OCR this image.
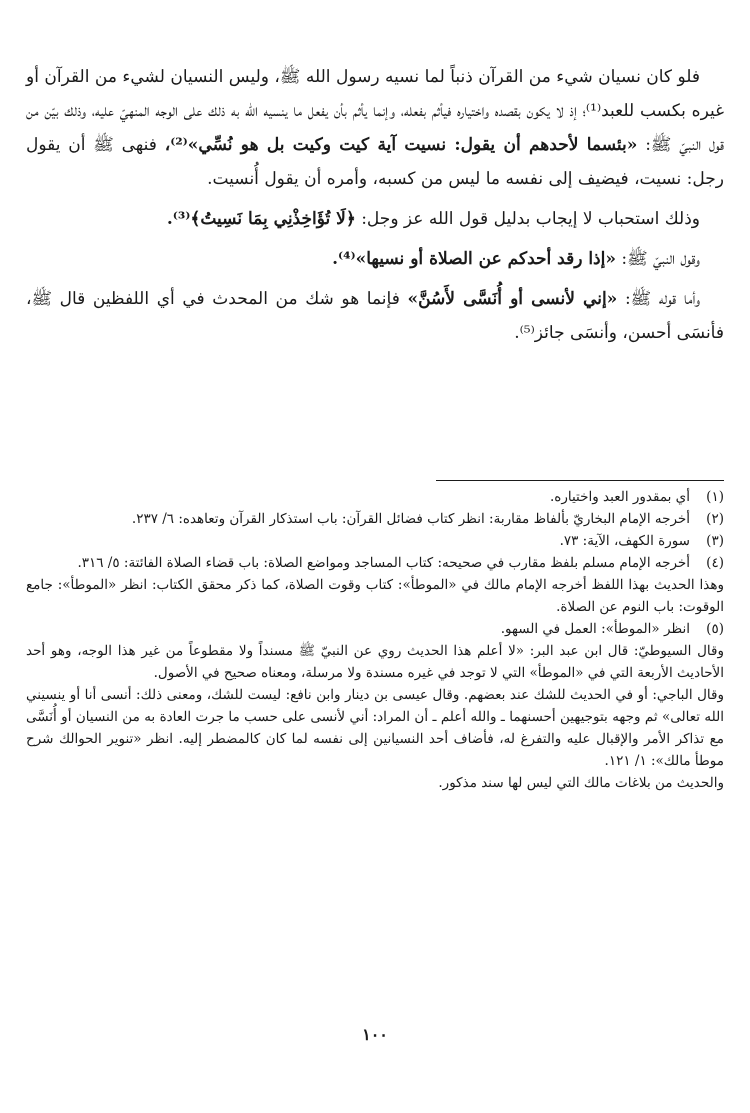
فلو كان نسيان شيء من القرآن ذنباً لما نسيه رسول الله ﷺ، وليس النسيان لشيء من القرآن أو غيره بكسب للعبد⁽¹⁾؛ إذ لا يكون بقصده واختياره فيأثم بفعله، وإنما يأثم بأن يفعل ما ينسيه الله به ذلك على الوجه المنهيّ عليه، وذلك بيّن من قول النبيّ ﷺ: «بئسما لأحدهم أن يقول: نسيت آية كيت وكيت بل هو نُسِّي»⁽²⁾، فنهى ﷺ أن يقول رجل: نسيت، فيضيف إلى نفسه ما ليس من كسبه، وأمره أن يقول أُنسيت.

وذلك استحباب لا إيجاب بدليل قول الله عز وجل: ﴿لَا تُؤَاخِذْنِي بِمَا نَسِيتُ﴾⁽³⁾.

وقول النبيّ ﷺ: «إذا رقد أحدكم عن الصلاة أو نسيها»⁽⁴⁾.

وأما قوله ﷺ: «إني لأنسى أو أُنَسَّى لأَسُنَّ» فإنما هو شك من المحدث في أي اللفظين قال ﷺ، فأنسَى أحسن، وأنسَى جائز⁽⁵⁾.

(١)

أي بمقدور العبد واختياره.

(٢)

أخرجه الإمام البخاريّ بألفاظ مقاربة: انظر كتاب فضائل القرآن: باب استذكار القرآن وتعاهده: ٦/ ٢٣٧.

(٣)

سورة الكهف، الآية: ٧٣.

(٤)

أخرجه الإمام مسلم بلفظ مقارب في صحيحه: كتاب المساجد ومواضع الصلاة: باب قضاء الصلاة الفائتة: ٥/ ٣١٦.

وهذا الحديث بهذا اللفظ أخرجه الإمام مالك في «الموطأ»: كتاب وقوت الصلاة، كما ذكر محقق الكتاب: انظر «الموطأ»: جامع الوقوت: باب النوم عن الصلاة.

(٥)

انظر «الموطأ»: العمل في السهو.

وقال السيوطيّ: قال ابن عبد البر: «لا أعلم هذا الحديث روي عن النبيّ ﷺ مسنداً ولا مقطوعاً من غير هذا الوجه، وهو أحد الأحاديث الأربعة التي في «الموطأ» التي لا توجد في غيره مسندة ولا مرسلة، ومعناه صحيح في الأصول.

وقال الباجي: أو في الحديث للشك عند بعضهم. وقال عيسى بن دينار وابن نافع: ليست للشك، ومعنى ذلك: أنسى أنا أو ينسيني الله تعالى» ثم وجهه بتوجيهين أحسنهما ـ والله أعلم ـ أن المراد: أني لأنسى على حسب ما جرت العادة به من النسيان أو أُنَسَّى مع تذاكر الأمر والإقبال عليه والتفرغ له، فأضاف أحد النسيانين إلى نفسه لما كان كالمضطر إليه. انظر «تنوير الحوالك شرح موطأ مالك»: ١/ ١٢١.

والحديث من بلاغات مالك التي ليس لها سند مذكور.

١٠٠
